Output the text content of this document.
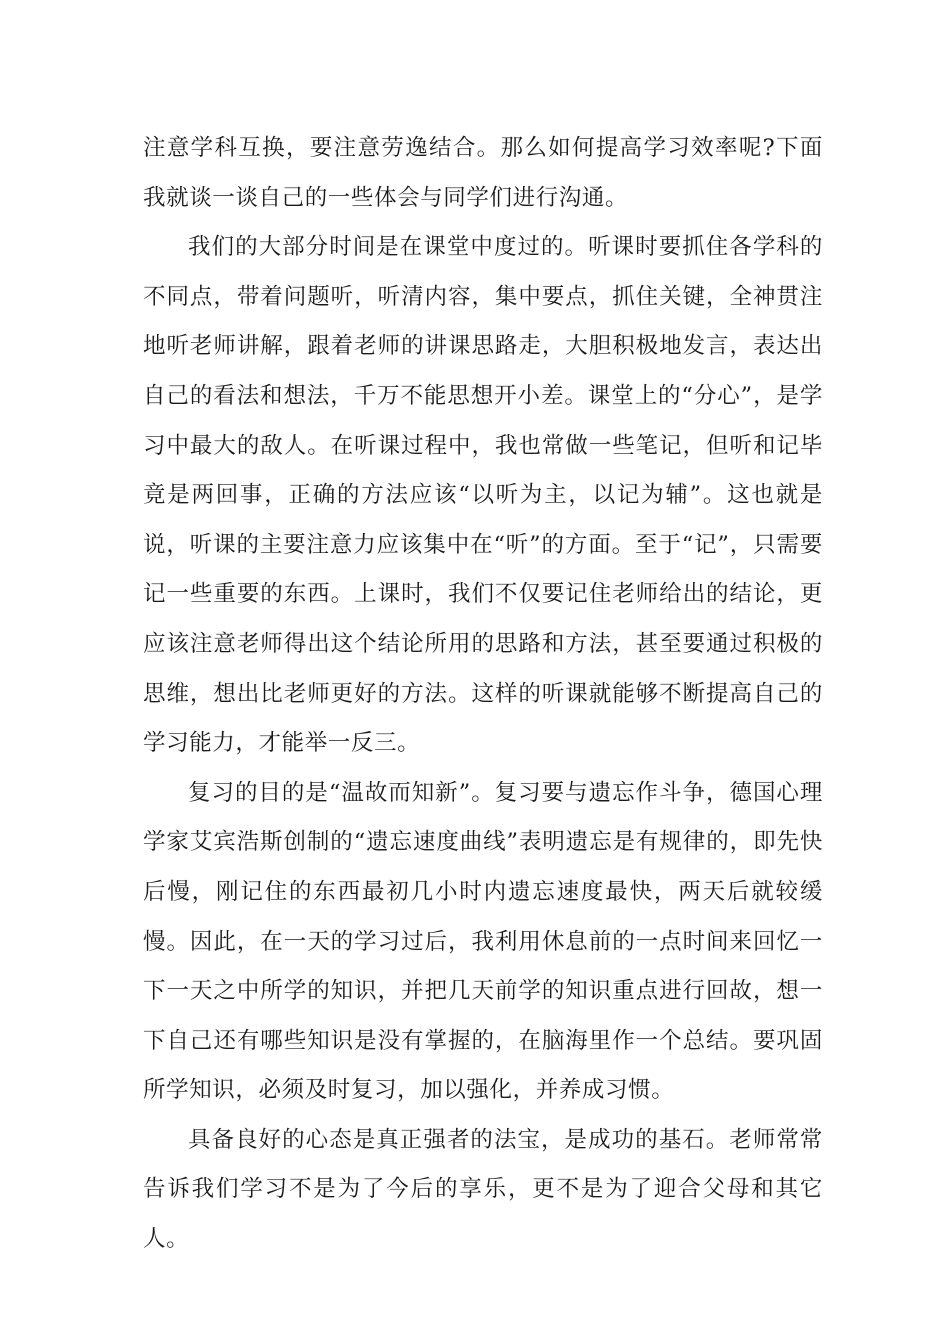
注意学科互换，要注意劳逸结合。那么如何提高学习效率呢?下面我就谈一谈自己的一些体会与同学们进行沟通。

我们的大部分时间是在课堂中度过的。听课时要抓住各学科的不同点，带着问题听，听清内容，集中要点，抓住关键，全神贯注地听老师讲解，跟着老师的讲课思路走，大胆积极地发言，表达出自己的看法和想法，千万不能思想开小差。课堂上的“分心”，是学习中最大的敌人。在听课过程中，我也常做一些笔记，但听和记毕竟是两回事，正确的方法应该“以听为主，以记为辅”。这也就是说，听课的主要注意力应该集中在“听”的方面。至于“记”，只需要记一些重要的东西。上课时，我们不仅要记住老师给出的结论，更应该注意老师得出这个结论所用的思路和方法，甚至要通过积极的思维，想出比老师更好的方法。这样的听课就能够不断提高自己的学习能力，才能举一反三。

复习的目的是“温故而知新”。复习要与遗忘作斗争，德国心理学家艾宾浩斯创制的“遗忘速度曲线”表明遗忘是有规律的，即先快后慢，刚记住的东西最初几小时内遗忘速度最快，两天后就较缓慢。因此，在一天的学习过后，我利用休息前的一点时间来回忆一下一天之中所学的知识，并把几天前学的知识重点进行回故，想一下自己还有哪些知识是没有掌握的，在脑海里作一个总结。要巩固所学知识，必须及时复习，加以强化，并养成习惯。

具备良好的心态是真正强者的法宝，是成功的基石。老师常常告诉我们学习不是为了今后的享乐，更不是为了迎合父母和其它人。
